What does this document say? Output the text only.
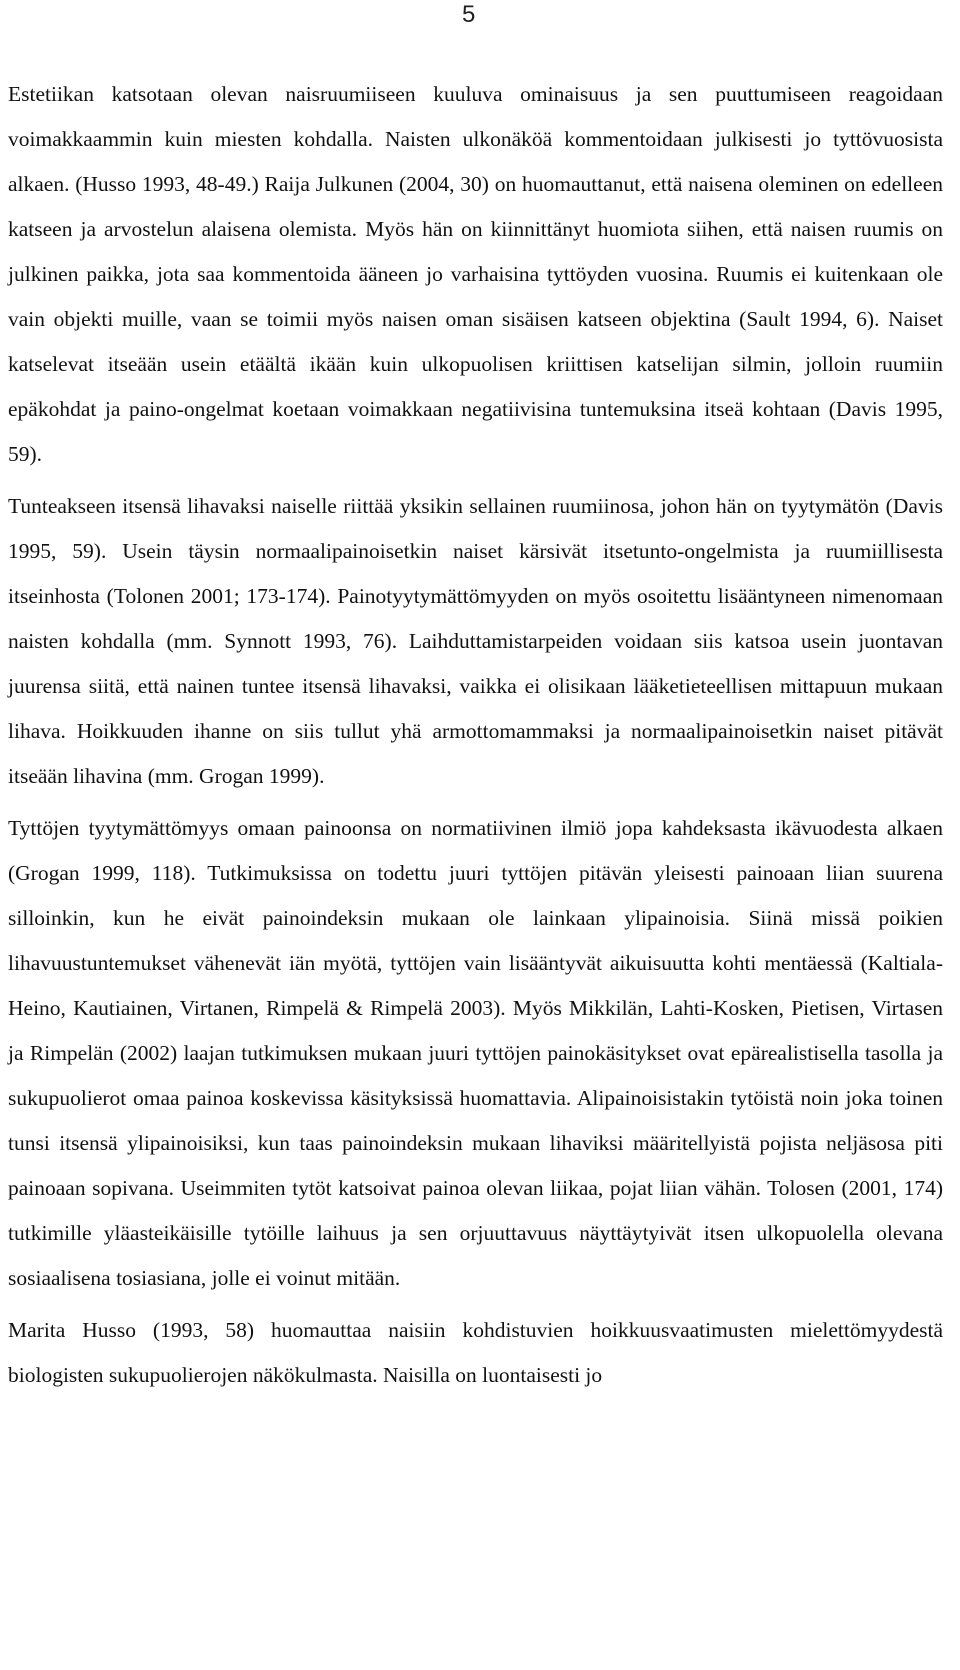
5

Estetiikan katsotaan olevan naisruumiiseen kuuluva ominaisuus ja sen puuttumiseen reagoidaan voimakkaammin kuin miesten kohdalla. Naisten ulkonäköä kommentoidaan julkisesti jo tyttövuosista alkaen. (Husso 1993, 48-49.) Raija Julkunen (2004, 30) on huomauttanut, että naisena oleminen on edelleen katseen ja arvostelun alaisena olemista. Myös hän on kiinnittänyt huomiota siihen, että naisen ruumis on julkinen paikka, jota saa kommentoida ääneen jo varhaisina tyttöyden vuosina. Ruumis ei kuitenkaan ole vain objekti muille, vaan se toimii myös naisen oman sisäisen katseen objektina (Sault 1994, 6). Naiset katselevat itseään usein etäältä ikään kuin ulkopuolisen kriittisen katselijan silmin, jolloin ruumiin epäkohdat ja paino-ongelmat koetaan voimakkaan negatiivisina tuntemuksina itseä kohtaan (Davis 1995, 59).

Tunteakseen itsensä lihavaksi naiselle riittää yksikin sellainen ruumiinosa, johon hän on tyytymätön (Davis 1995, 59). Usein täysin normaalipainoisetkin naiset kärsivät itsetunto-ongelmista ja ruumiillisesta itseinhosta (Tolonen 2001; 173-174). Painotyytymättömyyden on myös osoitettu lisääntyneen nimenomaan naisten kohdalla (mm. Synnott 1993, 76). Laihduttamistarpeiden voidaan siis katsoa usein juontavan juurensa siitä, että nainen tuntee itsensä lihavaksi, vaikka ei olisikaan lääketieteellisen mittapuun mukaan lihava. Hoikkuuden ihanne on siis tullut yhä armottomammaksi ja normaalipainoisetkin naiset pitävät itseään lihavina (mm. Grogan 1999).

Tyttöjen tyytymättömyys omaan painoonsa on normatiivinen ilmiö jopa kahdeksasta ikävuodesta alkaen (Grogan 1999, 118). Tutkimuksissa on todettu juuri tyttöjen pitävän yleisesti painoaan liian suurena silloinkin, kun he eivät painoindeksin mukaan ole lainkaan ylipainoisia. Siinä missä poikien lihavuustuntemukset vähenevät iän myötä, tyttöjen vain lisääntyvät aikuisuutta kohti mentäessä (Kaltiala-Heino, Kautiainen, Virtanen, Rimpelä & Rimpelä 2003). Myös Mikkilän, Lahti-Kosken, Pietisen, Virtasen ja Rimpelän (2002) laajan tutkimuksen mukaan juuri tyttöjen painokäsitykset ovat epärealistisella tasolla ja sukupuolierot omaa painoa koskevissa käsityksissä huomattavia. Alipainoisistakin tytöistä noin joka toinen tunsi itsensä ylipainoisiksi, kun taas painoindeksin mukaan lihaviksi määritellyistä pojista neljäsosa piti painoaan sopivana. Useimmiten tytöt katsoivat painoa olevan liikaa, pojat liian vähän. Tolosen (2001, 174) tutkimille yläasteikäisille tytöille laihuus ja sen orjuuttavuus näyttäytyivät itsen ulkopuolella olevana sosiaalisena tosiasiana, jolle ei voinut mitään.

Marita Husso (1993, 58) huomauttaa naisiin kohdistuvien hoikkuusvaatimusten mielettömyydestä biologisten sukupuolierojen näkökulmasta. Naisilla on luontaisesti jo
